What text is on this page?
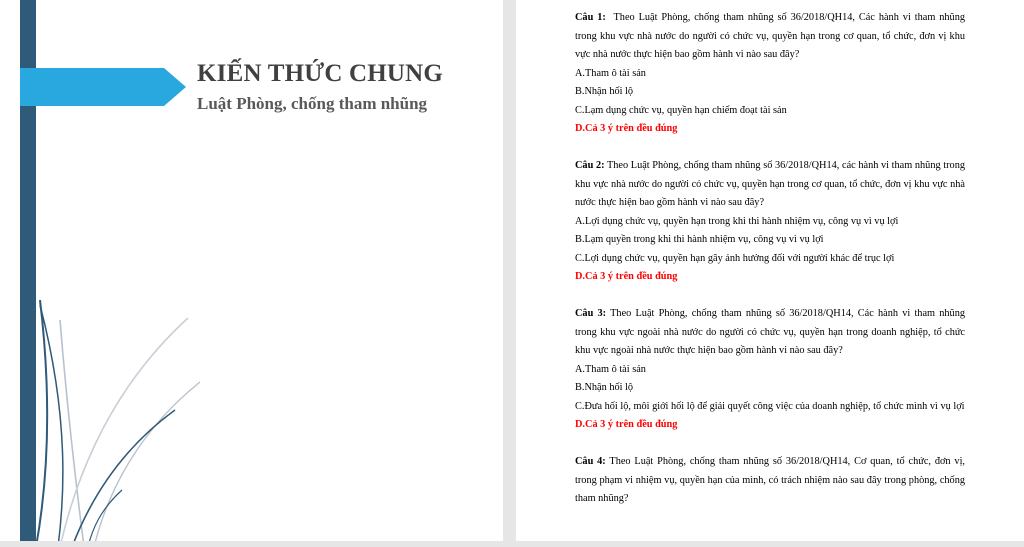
KIẾN THỨC CHUNG
Luật Phòng, chống tham nhũng

Câu 1: Theo Luật Phòng, chống tham nhũng số 36/2018/QH14, Các hành vi tham nhũng trong khu vực nhà nước do người có chức vụ, quyền hạn trong cơ quan, tổ chức, đơn vị khu vực nhà nước thực hiện bao gồm hành vi nào sau đây?

A.Tham ô tài sản

B.Nhận hối lộ

C.Lạm dụng chức vụ, quyền hạn chiếm đoạt tài sản

D.Cả 3 ý trên đều đúng

Câu 2: Theo Luật Phòng, chống tham nhũng số 36/2018/QH14, các hành vi tham nhũng trong khu vực nhà nước do người có chức vụ, quyền hạn trong cơ quan, tổ chức, đơn vị khu vực nhà nước thực hiện bao gồm hành vi nào sau đây?

A.Lợi dụng chức vụ, quyền hạn trong khi thi hành nhiệm vụ, công vụ vì vụ lợi

B.Lạm quyền trong khi thi hành nhiệm vụ, công vụ vì vụ lợi

C.Lợi dụng chức vụ, quyền hạn gây ảnh hưởng đối với người khác để trục lợi

D.Cả 3 ý trên đều đúng

Câu 3: Theo Luật Phòng, chống tham nhũng số 36/2018/QH14, Các hành vi tham nhũng trong khu vực ngoài nhà nước do người có chức vụ, quyền hạn trong doanh nghiệp, tổ chức khu vực ngoài nhà nước thực hiện bao gồm hành vi nào sau đây?

A.Tham ô tài sản

B.Nhận hối lộ

C.Đưa hối lộ, môi giới hối lộ để giải quyết công việc của doanh nghiệp, tổ chức mình vì vụ lợi

D.Cả 3 ý trên đều đúng

Câu 4: Theo Luật Phòng, chống tham nhũng số 36/2018/QH14, Cơ quan, tổ chức, đơn vị, trong phạm vi nhiệm vụ, quyền hạn của mình, có trách nhiệm nào sau đây trong phòng, chống tham nhũng?
